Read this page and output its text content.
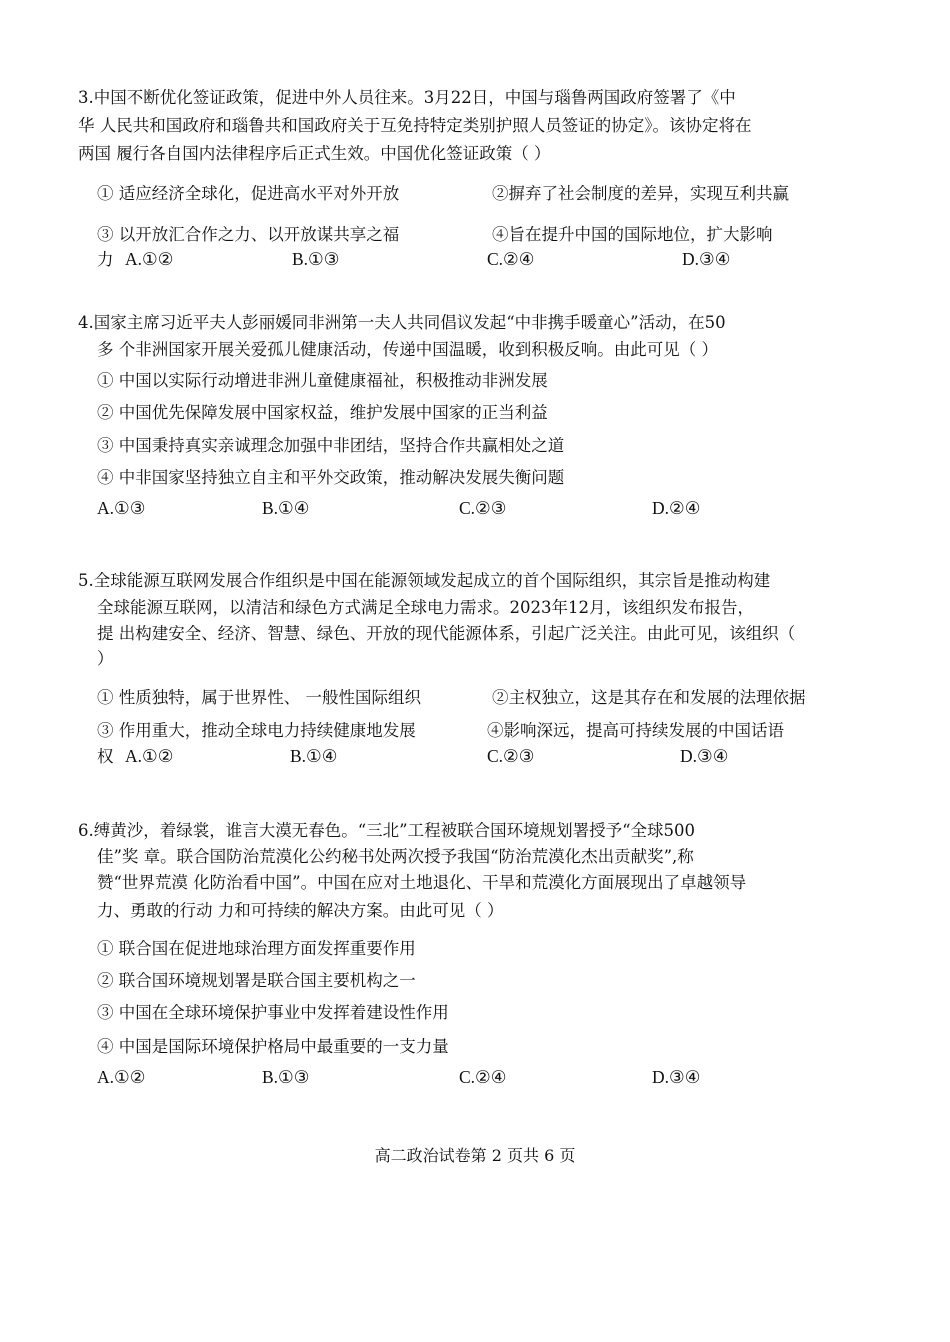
3.中国不断优化签证政策，促进中外人员往来。3月22日，中国与瑙鲁两国政府签署了《中
华 人民共和国政府和瑙鲁共和国政府关于互免持特定类别护照人员签证的协定》。该协定将在
两国 履行各自国内法律程序后正式生效。中国优化签证政策（ ）
① 适应经济全球化，促进高水平对外开放	②摒弃了社会制度的差异，实现互利共赢
③ 以开放汇合作之力、以开放谋共享之福	④旨在提升中国的国际地位，扩大影响
力 A.①②	B.①③	C.②④	D.③④
4.国家主席习近平夫人彭丽媛同非洲第一夫人共同倡议发起“中非携手暖童心”活动，在50
多 个非洲国家开展关爱孤儿健康活动，传递中国温暖，收到积极反响。由此可见（ ）
① 中国以实际行动增进非洲儿童健康福祉，积极推动非洲发展
② 中国优先保障发展中国家权益，维护发展中国家的正当利益
③ 中国秉持真实亲诚理念加强中非团结，坚持合作共赢相处之道
④ 中非国家坚持独立自主和平外交政策，推动解决发展失衡问题
A.①③	B.①④	C.②③	D.②④
5.全球能源互联网发展合作组织是中国在能源领域发起成立的首个国际组织，其宗旨是推动构建
全球能源互联网，以清洁和绿色方式满足全球电力需求。2023年12月，该组织发布报告，
提 出构建安全、经济、智慧、绿色、开放的现代能源体系，引起广泛关注。由此可见，该组织（
）
① 性质独特，属于世界性、 一般性国际组织	②主权独立，这是其存在和发展的法理依据
③ 作用重大，推动全球电力持续健康地发展	④影响深远，提高可持续发展的中国话语
权 A.①②	B.①④	C.②③	D.③④
6.缚黄沙，着绿裳，谁言大漠无春色。“三北”工程被联合国环境规划署授予“全球500
佳”奖 章。联合国防治荒漠化公约秘书处两次授予我国“防治荒漠化杰出贡献奖”,称
赞“世界荒漠 化防治看中国”。中国在应对土地退化、干旱和荒漠化方面展现出了卓越领导
力、勇敢的行动 力和可持续的解决方案。由此可见（ ）
① 联合国在促进地球治理方面发挥重要作用
② 联合国环境规划署是联合国主要机构之一
③ 中国在全球环境保护事业中发挥着建设性作用
④ 中国是国际环境保护格局中最重要的一支力量
A.①②	B.①③	C.②④	D.③④
高二政治试卷第 2 页共 6 页
